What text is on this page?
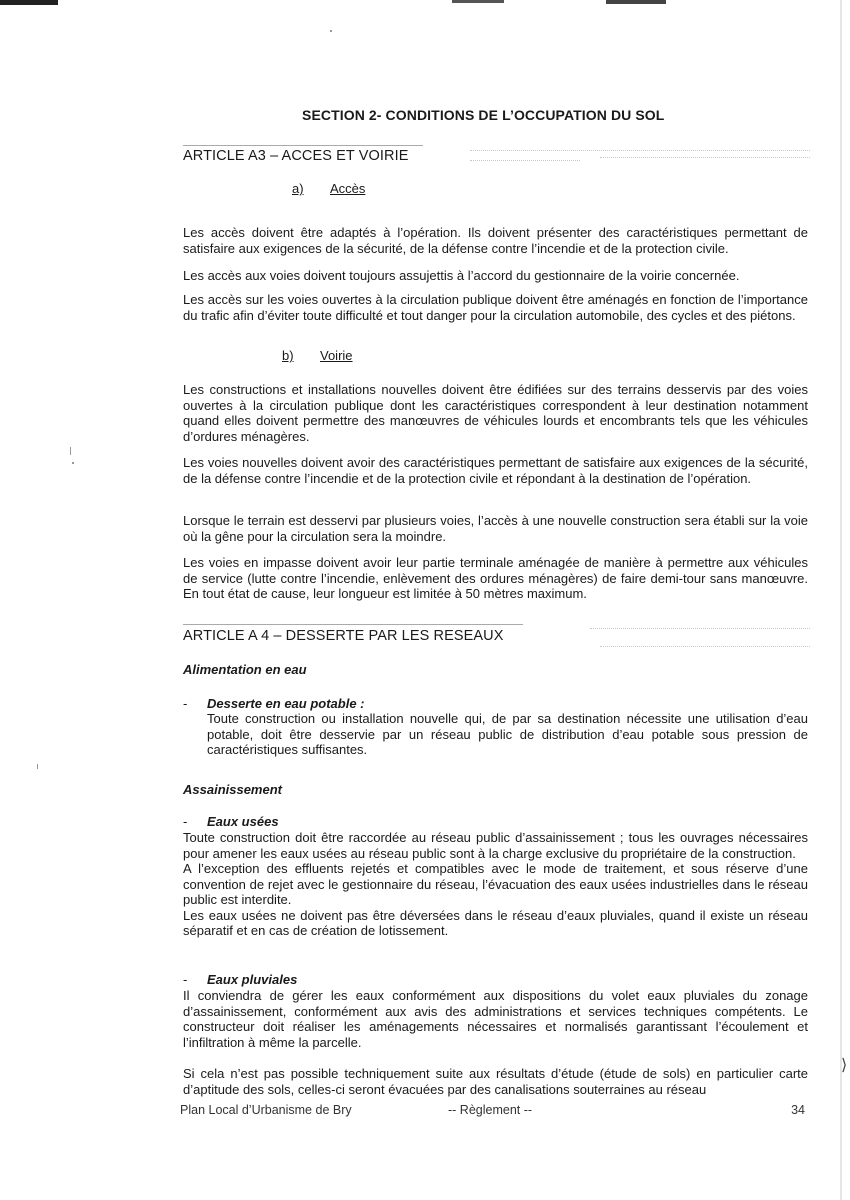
⟩
SECTION 2- CONDITIONS DE L’OCCUPATION DU SOL
ARTICLE A3 – ACCES ET VOIRIE
a) Accès

Les accès doivent être adaptés à l’opération. Ils doivent présenter des caractéristiques permettant de satisfaire aux exigences de la sécurité, de la défense contre l’incendie et de la protection civile.

Les accès aux voies doivent toujours assujettis à l’accord du gestionnaire de la voirie concernée.

Les accès sur les voies ouvertes à la circulation publique doivent être aménagés en fonction de l’importance du trafic afin d’éviter toute difficulté et tout danger pour la circulation automobile, des cycles et des piétons.

b) Voirie

Les constructions et installations nouvelles doivent être édifiées sur des terrains desservis par des voies ouvertes à la circulation publique dont les caractéristiques correspondent à leur destination notamment quand elles doivent permettre des manœuvres de véhicules lourds et encombrants tels que les véhicules d’ordures ménagères.

Les voies nouvelles doivent avoir des caractéristiques permettant de satisfaire aux exigences de la sécurité, de la défense contre l’incendie et de la protection civile et répondant à la destination de l’opération.

Lorsque le terrain est desservi par plusieurs voies, l’accès à une nouvelle construction sera établi sur la voie où la gêne pour la circulation sera la moindre.

Les voies en impasse doivent avoir leur partie terminale aménagée de manière à permettre aux véhicules de service (lutte contre l’incendie, enlèvement des ordures ménagères) de faire demi-tour sans manœuvre. En tout état de cause, leur longueur est limitée à 50 mètres maximum.

ARTICLE A 4 – DESSERTE PAR LES RESEAUX
Alimentation en eau
- Desserte en eau potable :

Toute construction ou installation nouvelle qui, de par sa destination nécessite une utilisation d’eau potable, doit être desservie par un réseau public de distribution d’eau potable sous pression de caractéristiques suffisantes.

Assainissement
- Eaux usées

Toute construction doit être raccordée au réseau public d’assainissement ; tous les ouvrages nécessaires pour amener les eaux usées au réseau public sont à la charge exclusive du propriétaire de la construction.
A l’exception des effluents rejetés et compatibles avec le mode de traitement, et sous réserve d’une convention de rejet avec le gestionnaire du réseau, l’évacuation des eaux usées industrielles dans le réseau public est interdite.
Les eaux usées ne doivent pas être déversées dans le réseau d’eaux pluviales, quand il existe un réseau séparatif et en cas de création de lotissement.

- Eaux pluviales

Il conviendra de gérer les eaux conformément aux dispositions du volet eaux pluviales du zonage d’assainissement, conformément aux avis des administrations et services techniques compétents. Le constructeur doit réaliser les aménagements nécessaires et normalisés garantissant l’écoulement et l’infiltration à même la parcelle.

Si cela n’est pas possible techniquement suite aux résultats d’étude (étude de sols) en particulier carte d’aptitude des sols, celles-ci seront évacuées par des canalisations souterraines au réseau

Plan Local d’Urbanisme de Bry	-- Règlement --	34
